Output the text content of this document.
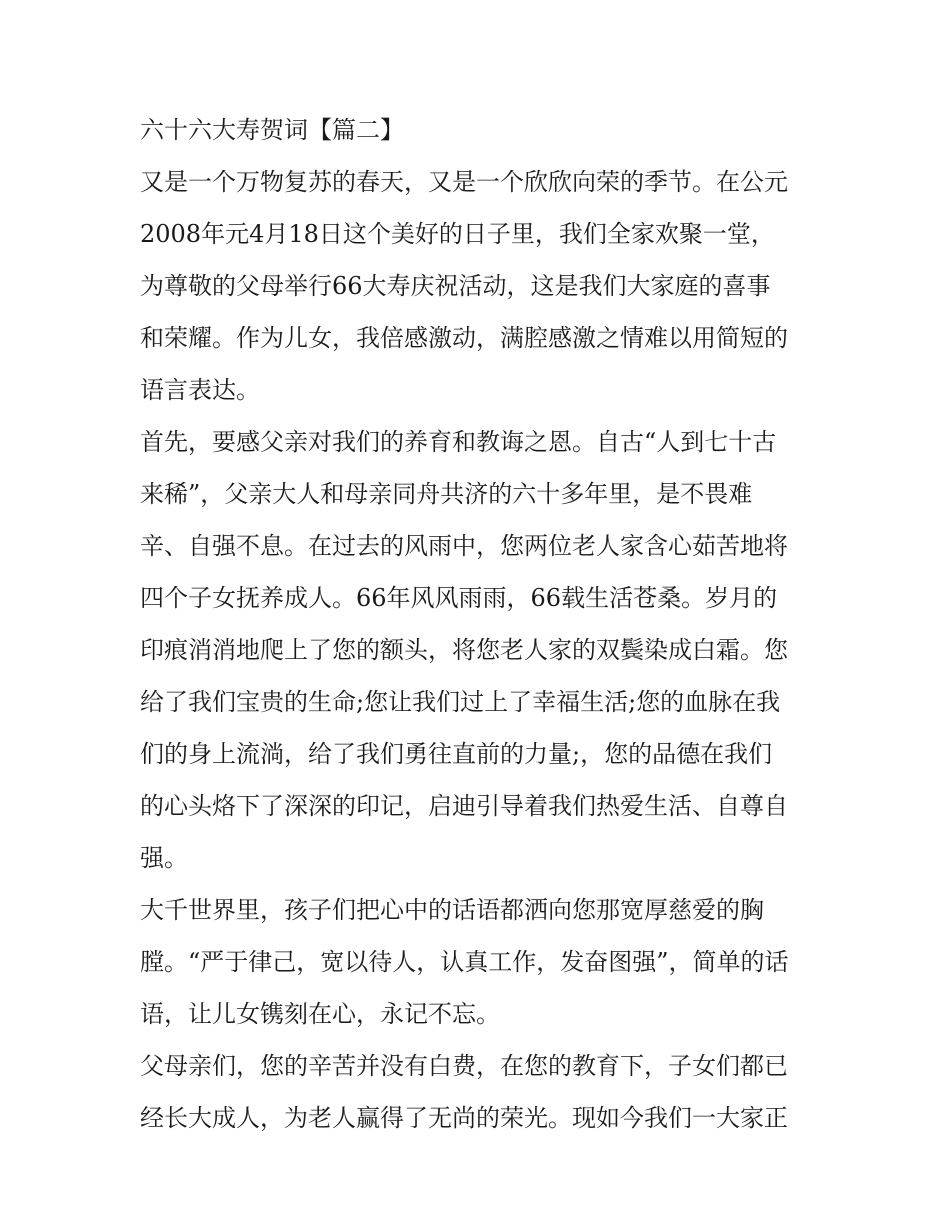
六十六大寿贺词【篇二】
又是一个万物复苏的春天，又是一个欣欣向荣的季节。在公元
2008年元4月18日这个美好的日子里，我们全家欢聚一堂，
为尊敬的父母举行66大寿庆祝活动，这是我们大家庭的喜事
和荣耀。作为儿女，我倍感激动，满腔感激之情难以用简短的
语言表达。
首先，要感父亲对我们的养育和教诲之恩。自古“人到七十古
来稀”，父亲大人和母亲同舟共济的六十多年里，是不畏难
辛、自强不息。在过去的风雨中，您两位老人家含心茹苦地将
四个子女抚养成人。66年风风雨雨，66载生活苍桑。岁月的
印痕消消地爬上了您的额头，将您老人家的双鬓染成白霜。您
给了我们宝贵的生命;您让我们过上了幸福生活;您的血脉在我
们的身上流淌，给了我们勇往直前的力量;，您的品德在我们
的心头烙下了深深的印记，启迪引导着我们热爱生活、自尊自
强。
大千世界里，孩子们把心中的话语都洒向您那宽厚慈爱的胸
膛。“严于律己，宽以待人，认真工作，发奋图强”，简单的话
语，让儿女镌刻在心，永记不忘。
父母亲们，您的辛苦并没有白费，在您的教育下，子女们都已
经长大成人，为老人赢得了无尚的荣光。现如今我们一大家正
